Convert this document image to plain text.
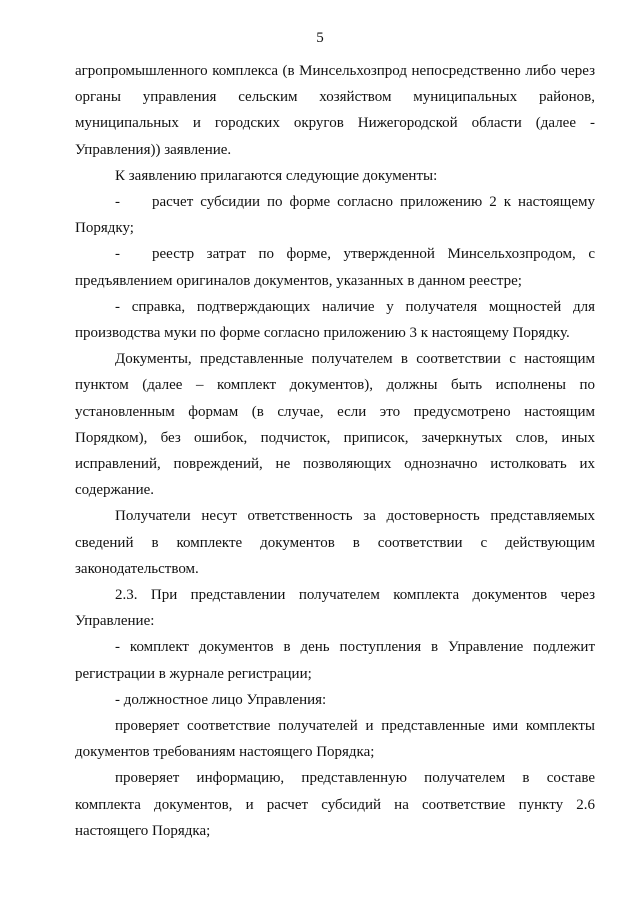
5

агропромышленного комплекса (в Минсельхозпрод непосредственно либо через органы управления сельским хозяйством муниципальных районов, муниципальных и городских округов Нижегородской области (далее - Управления)) заявление.

К заявлению прилагаются следующие документы:

- расчет субсидии по форме согласно приложению 2 к настоящему Порядку;

- реестр затрат по форме, утвержденной Минсельхозпродом, с предъявлением оригиналов документов, указанных в данном реестре;

- справка, подтверждающих наличие у получателя мощностей для производства муки по форме согласно приложению 3 к настоящему Порядку.

Документы, представленные получателем в соответствии с настоящим пунктом (далее – комплект документов), должны быть исполнены по установленным формам (в случае, если это предусмотрено настоящим Порядком), без ошибок, подчисток, приписок, зачеркнутых слов, иных исправлений, повреждений, не позволяющих однозначно истолковать их содержание.

Получатели несут ответственность за достоверность представляемых сведений в комплекте документов в соответствии с действующим законодательством.

2.3. При представлении получателем комплекта документов через Управление:

- комплект документов в день поступления в Управление подлежит регистрации в журнале регистрации;

- должностное лицо Управления:

проверяет соответствие получателей и представленные ими комплекты документов требованиям настоящего Порядка;

проверяет информацию, представленную получателем в составе комплекта документов, и расчет субсидий на соответствие пункту 2.6 настоящего Порядка;
